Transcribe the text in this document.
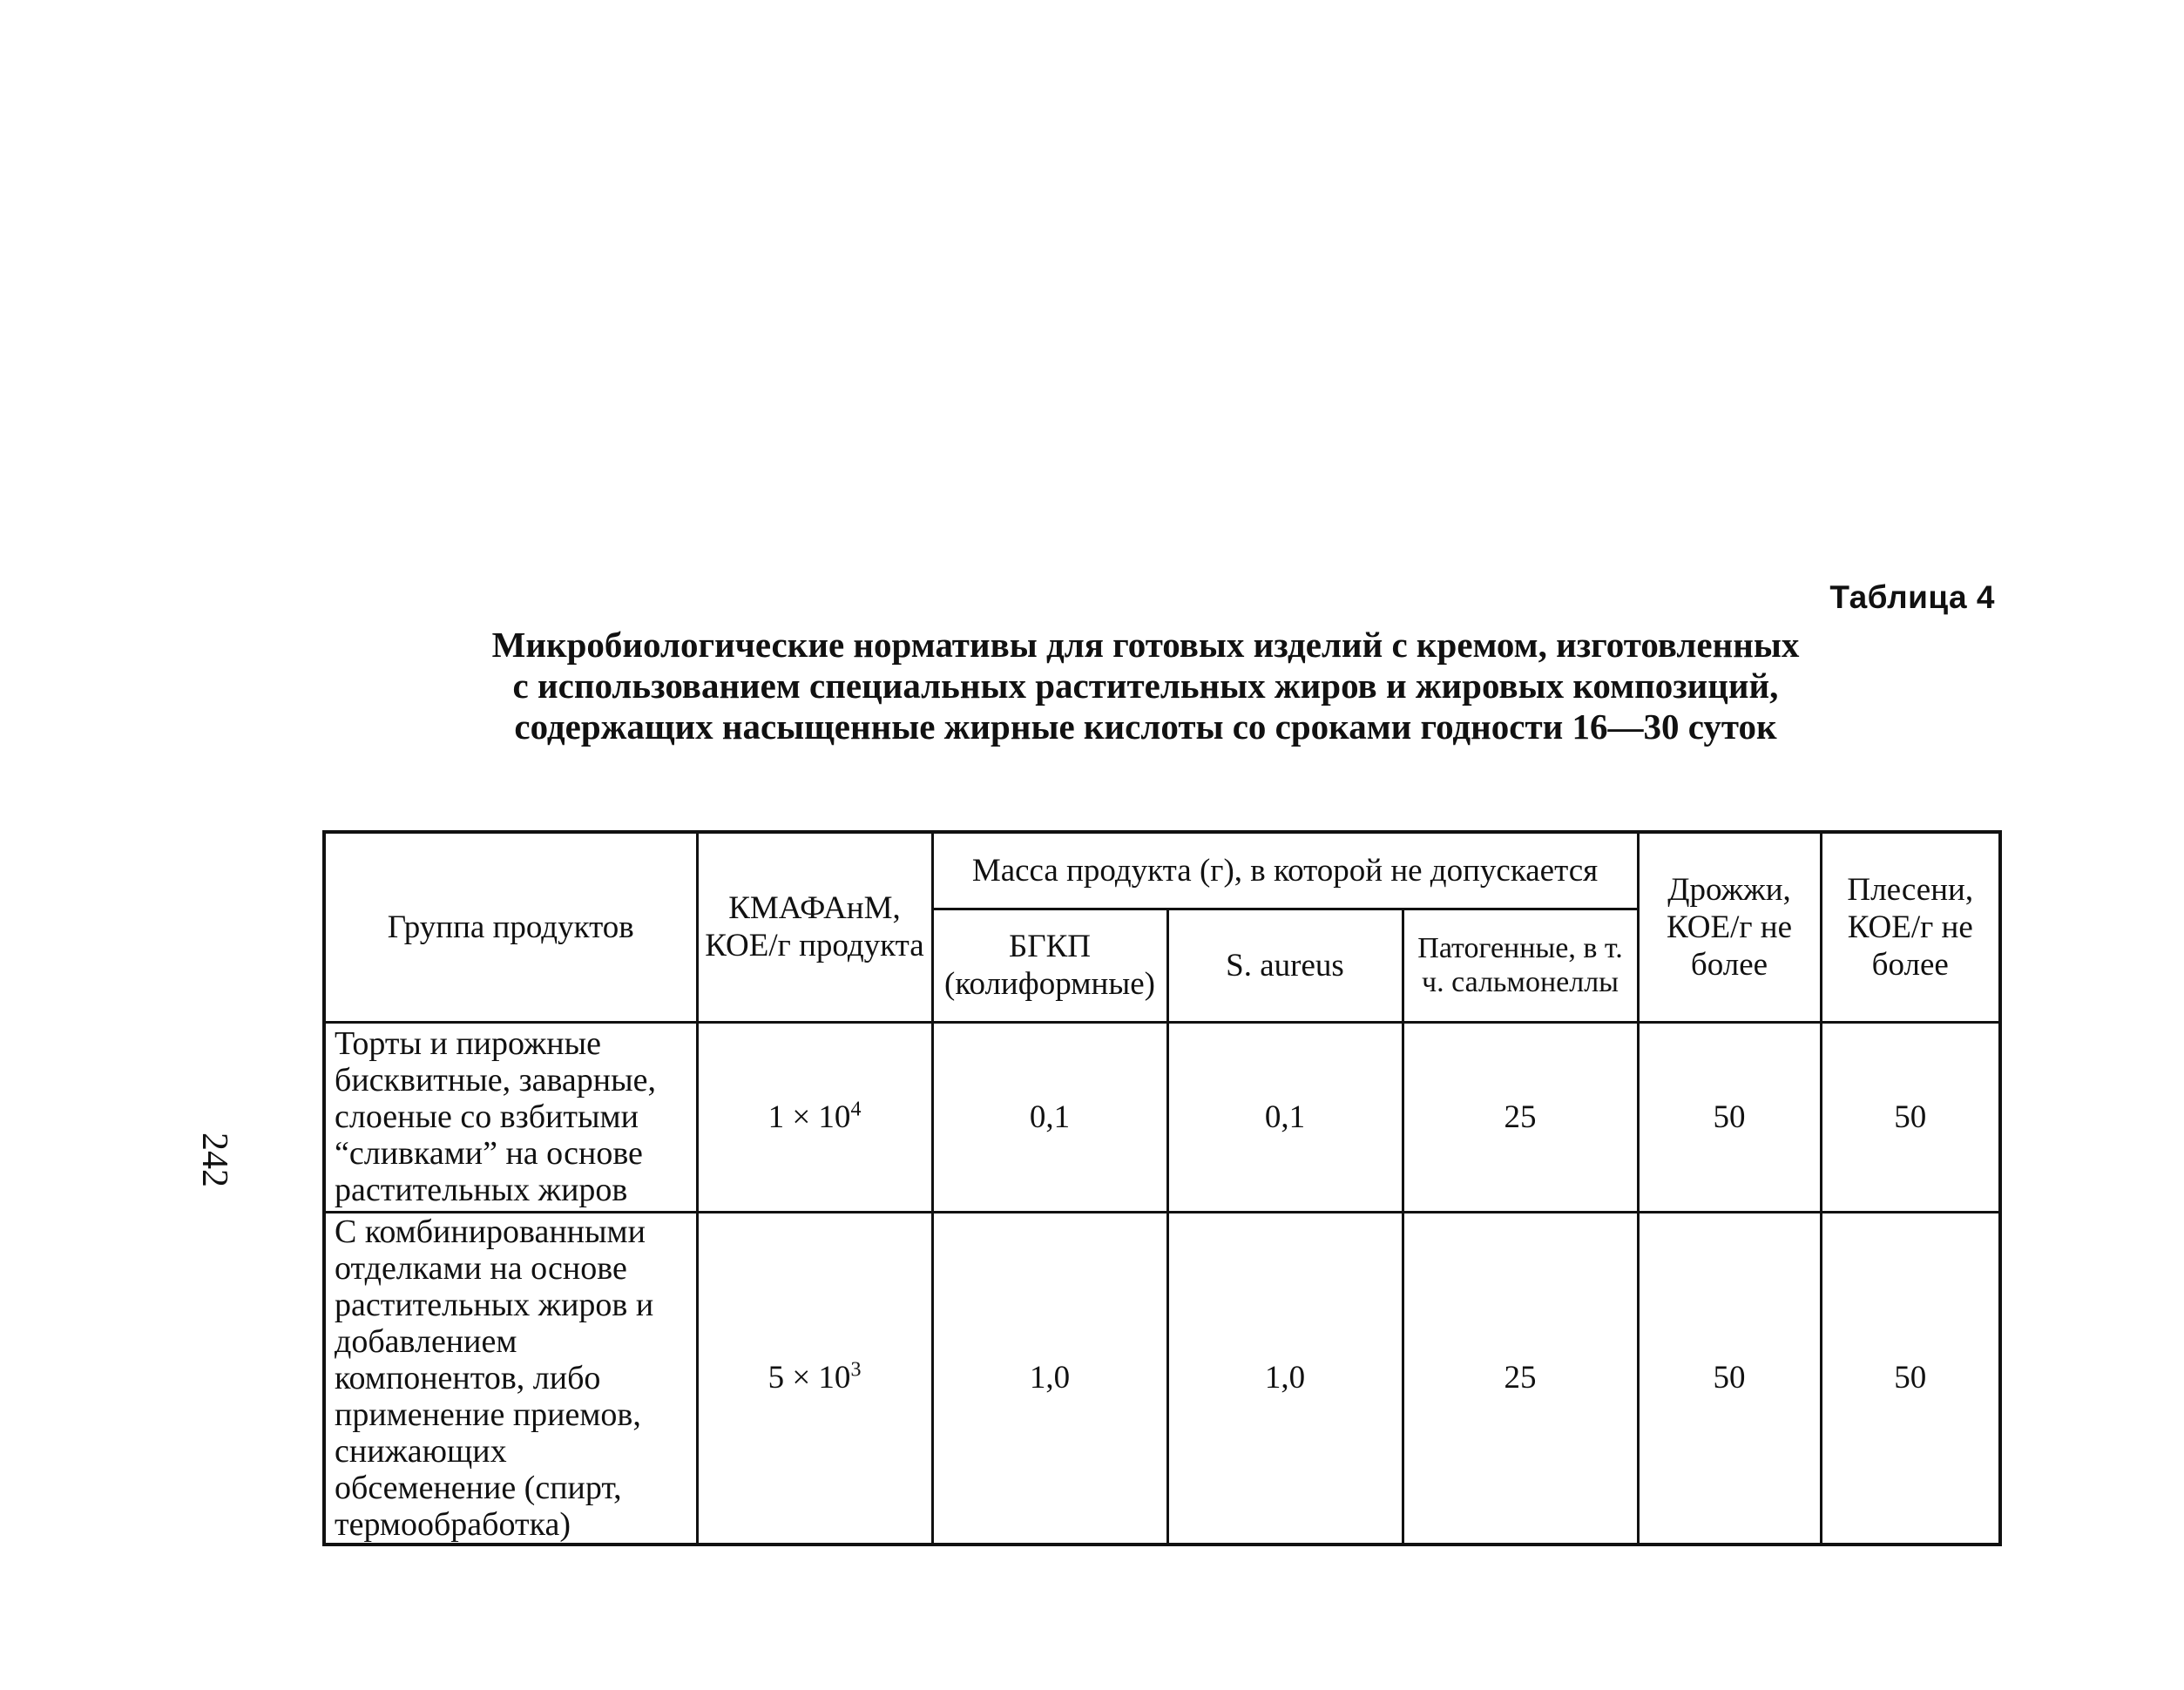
Таблица 4
Микробиологические нормативы для готовых изделий с кремом, изготовленных
с использованием специальных растительных жиров и жировых композиций,
содержащих насыщенные жирные кислоты со сроками годности 16—30 суток
242
Группа продуктов	КМАФАнМ, КОЕ/г продукта	Масса продукта (г), в которой не допускается			Дрожжи, КОЕ/г не более	Плесени, КОЕ/г не более
		БГКП (колиформные)	S. aureus	Патогенные, в т. ч. сальмонеллы		
Торты и пирожные бисквитные, заварные, слоеные со взбитыми “сливками” на основе растительных жиров	$1 \times 10^4$	0,1	0,1	25	50	50
С комбинированными отделками на основе растительных жиров и добавлением компонентов, либо применение приемов, снижающих обсеменение (спирт, термообработка)	$5 \times 10^3$	1,0	1,0	25	50	50
